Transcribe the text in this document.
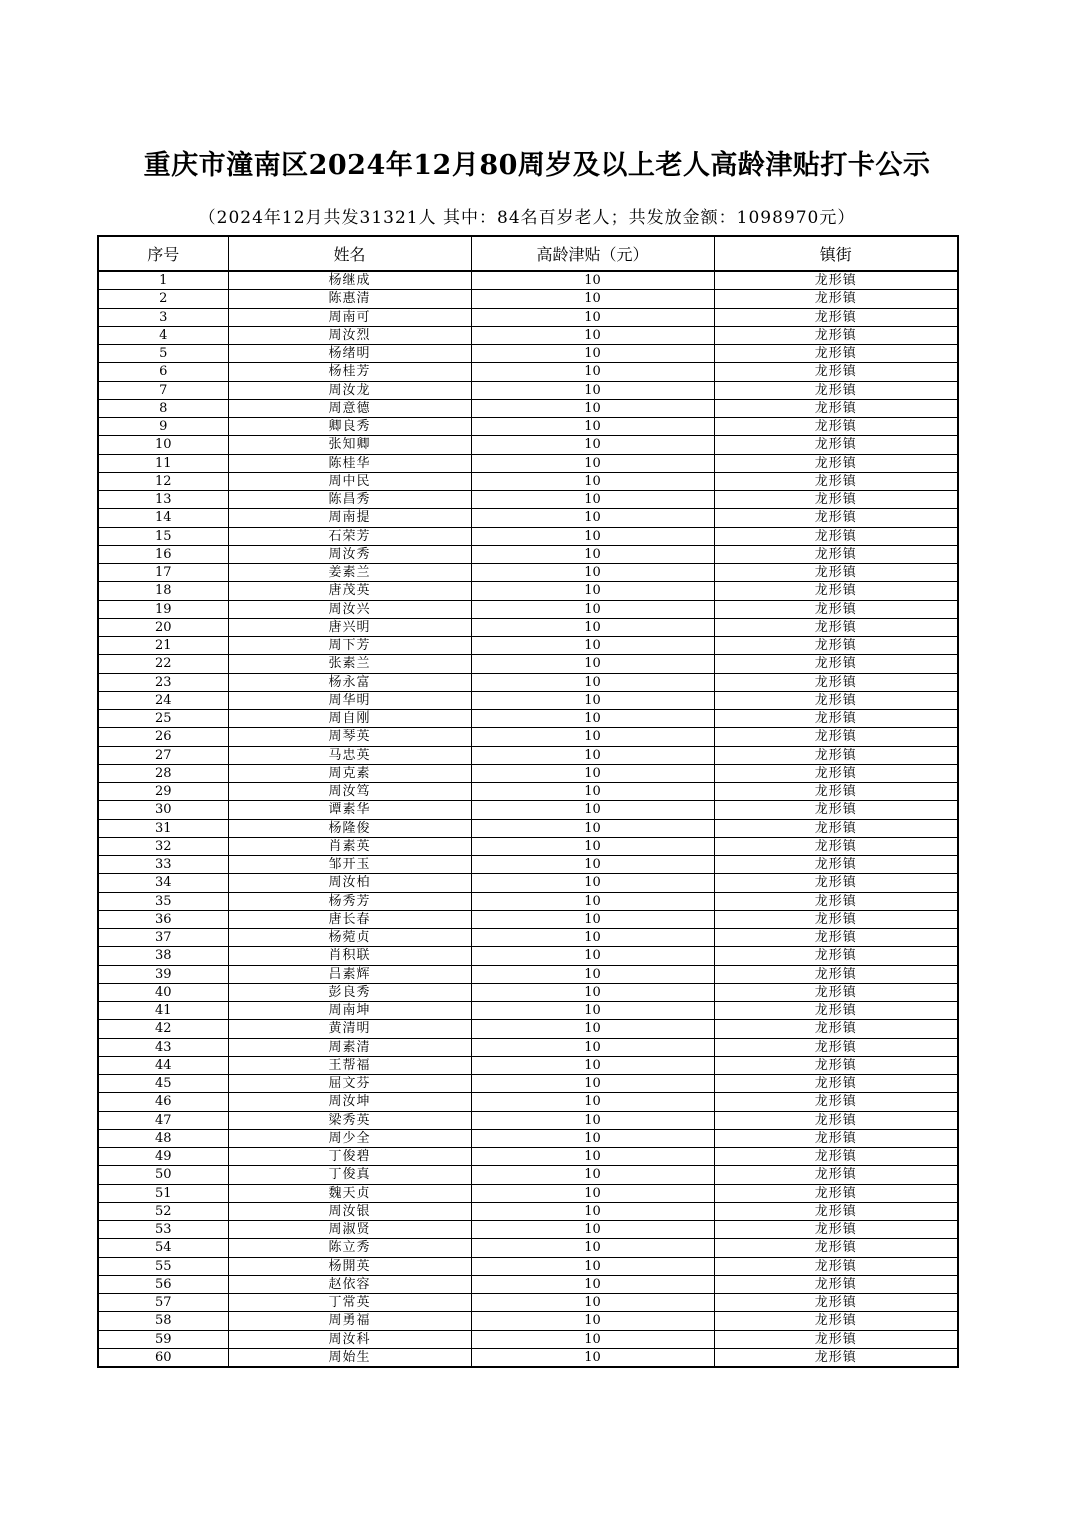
重庆市潼南区2024年12月80周岁及以上老人高龄津贴打卡公示
（2024年12月共发31321人 其中：84名百岁老人；共发放金额：1098970元）
序号	姓名	高龄津贴（元）	镇街
1	杨继成	10	龙形镇
2	陈惠清	10	龙形镇
3	周南可	10	龙形镇
4	周汝烈	10	龙形镇
5	杨绪明	10	龙形镇
6	杨桂芳	10	龙形镇
7	周汝龙	10	龙形镇
8	周意德	10	龙形镇
9	卿良秀	10	龙形镇
10	张知卿	10	龙形镇
11	陈桂华	10	龙形镇
12	周中民	10	龙形镇
13	陈昌秀	10	龙形镇
14	周南提	10	龙形镇
15	石荣芳	10	龙形镇
16	周汝秀	10	龙形镇
17	姜素兰	10	龙形镇
18	唐茂英	10	龙形镇
19	周汝兴	10	龙形镇
20	唐兴明	10	龙形镇
21	周下芳	10	龙形镇
22	张素兰	10	龙形镇
23	杨永富	10	龙形镇
24	周华明	10	龙形镇
25	周自刚	10	龙形镇
26	周琴英	10	龙形镇
27	马忠英	10	龙形镇
28	周克素	10	龙形镇
29	周汝笃	10	龙形镇
30	谭素华	10	龙形镇
31	杨隆俊	10	龙形镇
32	肖素英	10	龙形镇
33	邹开玉	10	龙形镇
34	周汝柏	10	龙形镇
35	杨秀芳	10	龙形镇
36	唐长春	10	龙形镇
37	杨菀贞	10	龙形镇
38	肖积联	10	龙形镇
39	吕素辉	10	龙形镇
40	彭良秀	10	龙形镇
41	周南坤	10	龙形镇
42	黄清明	10	龙形镇
43	周素清	10	龙形镇
44	王帮福	10	龙形镇
45	屈文芬	10	龙形镇
46	周汝坤	10	龙形镇
47	梁秀英	10	龙形镇
48	周少全	10	龙形镇
49	丁俊碧	10	龙形镇
50	丁俊真	10	龙形镇
51	魏天贞	10	龙形镇
52	周汝银	10	龙形镇
53	周淑贤	10	龙形镇
54	陈立秀	10	龙形镇
55	杨開英	10	龙形镇
56	赵依容	10	龙形镇
57	丁常英	10	龙形镇
58	周勇福	10	龙形镇
59	周汝科	10	龙形镇
60	周始生	10	龙形镇
